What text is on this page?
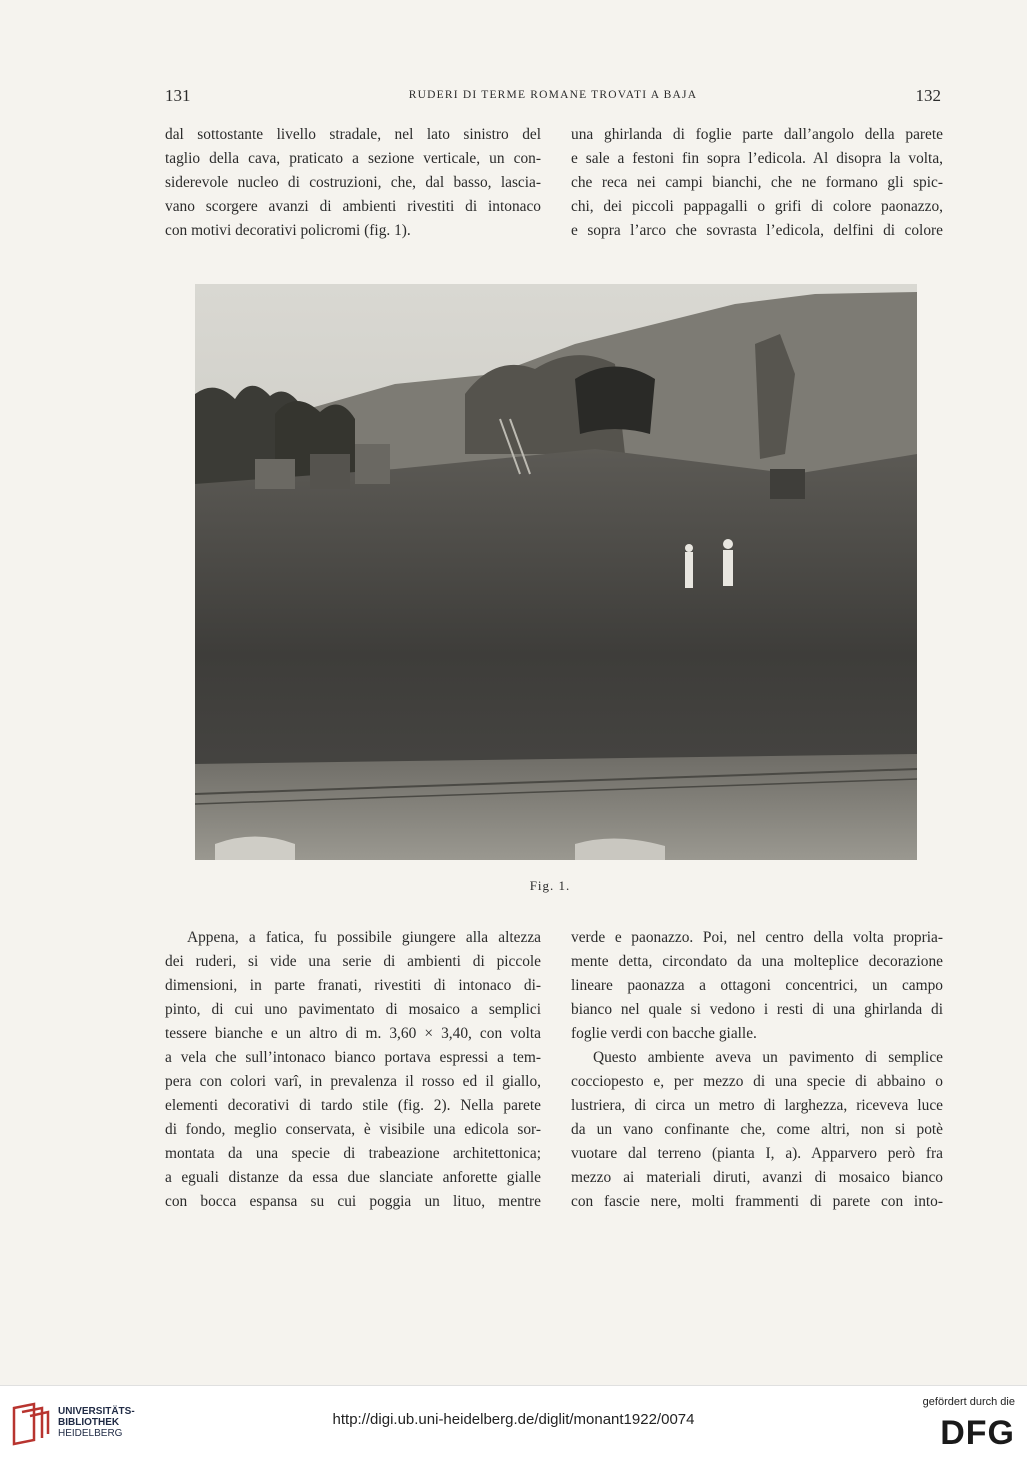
131	RUDERI DI TERME ROMANE TROVATI A BAJA	132
dal sottostante livello stradale, nel lato sinistro del
taglio della cava, praticato a sezione verticale, un con-
siderevole nucleo di costruzioni, che, dal basso, lascia-
vano scorgere avanzi di ambienti rivestiti di intonaco
con motivi decorativi policromi (fig. 1).
una ghirlanda di foglie parte dall’angolo della parete
e sale a festoni fin sopra l’edicola. Al disopra la volta,
che reca nei campi bianchi, che ne formano gli spic-
chi, dei piccoli pappagalli o grifi di colore paonazzo,
e sopra l’arco che sovrasta l’edicola, delfini di colore
Fig. 1.
Appena, a fatica, fu possibile giungere alla altezza
dei ruderi, si vide una serie di ambienti di piccole
dimensioni, in parte franati, rivestiti di intonaco di-
pinto, di cui uno pavimentato di mosaico a semplici
tessere bianche e un altro di m. 3,60 × 3,40, con volta
a vela che sull’intonaco bianco portava espressi a tem-
pera con colori varî, in prevalenza il rosso ed il giallo,
elementi decorativi di tardo stile (fig. 2). Nella parete
di fondo, meglio conservata, è visibile una edicola sor-
montata da una specie di trabeazione architettonica;
a eguali distanze da essa due slanciate anforette gialle
con bocca espansa su cui poggia un lituo, mentre
verde e paonazzo. Poi, nel centro della volta propria-
mente detta, circondato da una molteplice decorazione
lineare paonazza a ottagoni concentrici, un campo
bianco nel quale si vedono i resti di una ghirlanda di
foglie verdi con bacche gialle.
Questo ambiente aveva un pavimento di semplice
cocciopesto e, per mezzo di una specie di abbaino o
lustriera, di circa un metro di larghezza, riceveva luce
da un vano confinante che, come altri, non si potè
vuotare dal terreno (pianta I, a). Apparvero però fra
mezzo ai materiali diruti, avanzi di mosaico bianco
con fascie nere, molti frammenti di parete con into-
UNIVERSITÄTS-
BIBLIOTHEK
HEIDELBERG
http://digi.ub.uni-heidelberg.de/diglit/monant1922/0074
gefördert durch die
DFG
